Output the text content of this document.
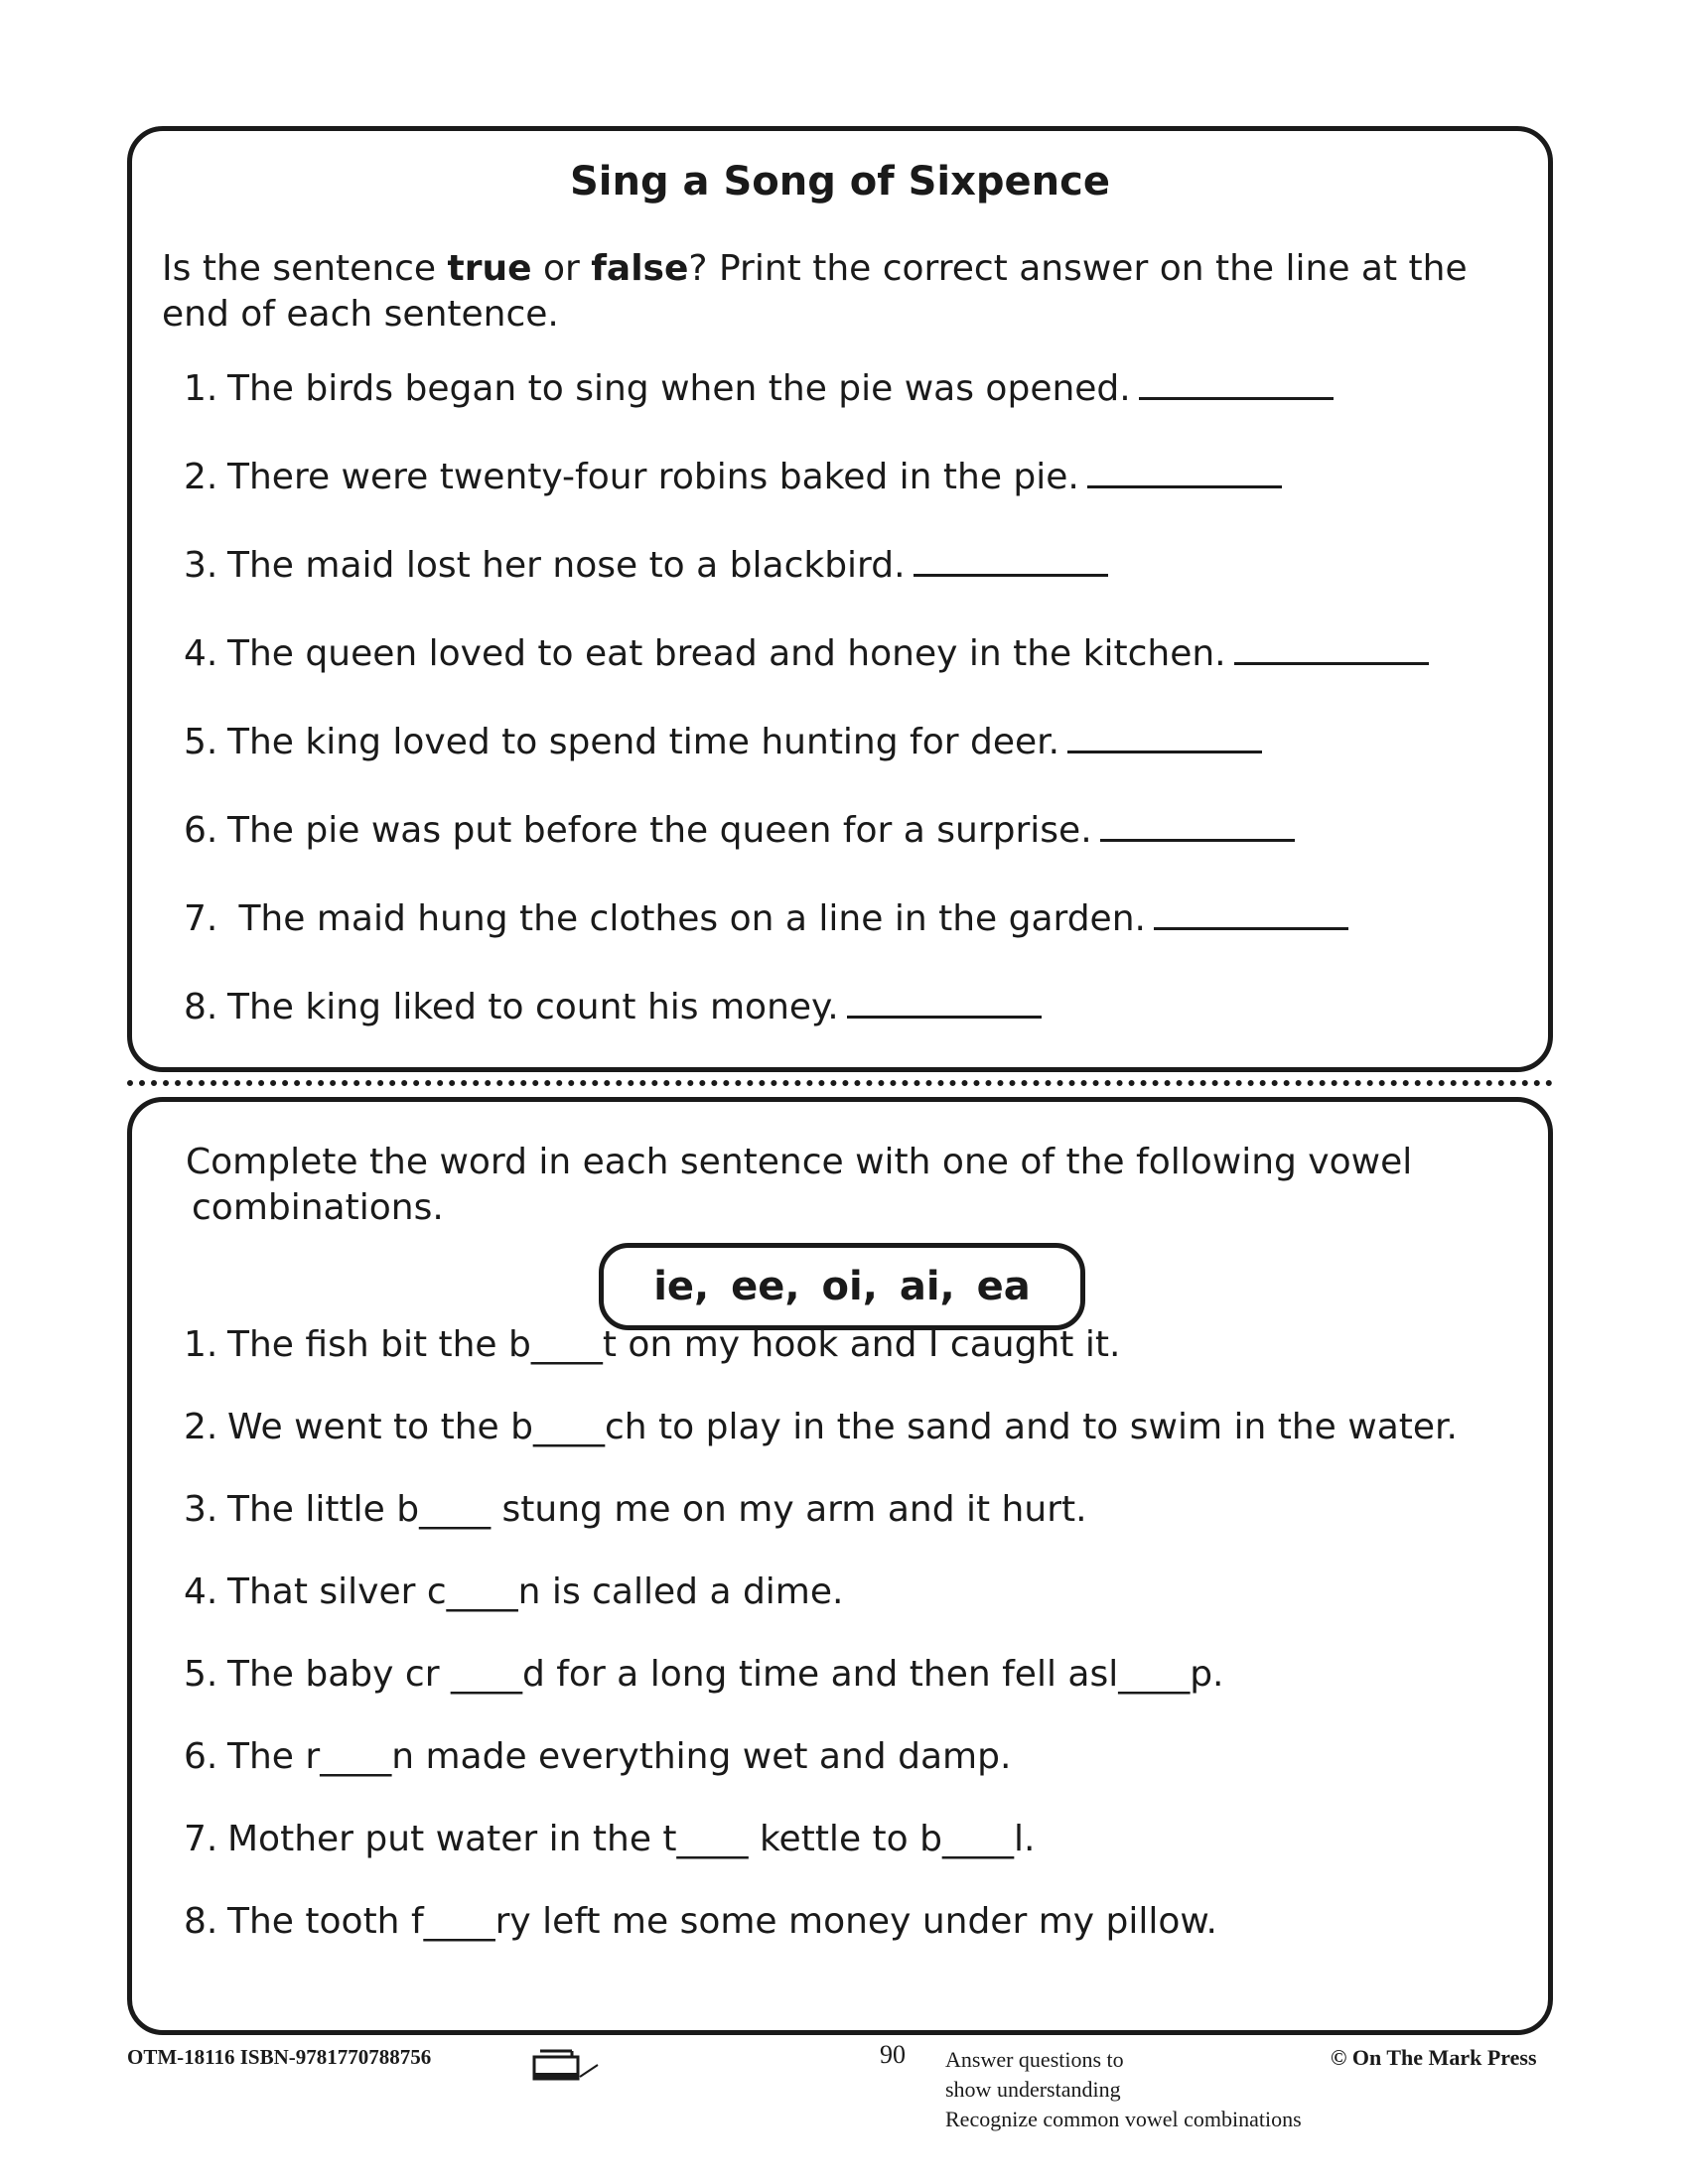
Sing a Song of Sixpence

Is the sentence true or false? Print the correct answer on the line at the end of each sentence.

1. The birds began to sing when the pie was opened.
2. There were twenty-four robins baked in the pie.
3. The maid lost her nose to a blackbird.
4. The queen loved to eat bread and honey in the kitchen.
5. The king loved to spend time hunting for deer.
6. The pie was put before the queen for a surprise.
7. The maid hung the clothes on a line in the garden.
8. The king liked to count his money.

Complete the word in each sentence with one of the following vowel
combinations.

ie, ee, oi, ai, ea
1. The fish bit the b____t on my hook and I caught it.
2. We went to the b____ch to play in the sand and to swim in the water.
3. The little b____ stung me on my arm and it hurt.
4. That silver c____n is called a dime.
5. The baby cr ____d for a long time and then fell asl____p.
6. The r____n made everything wet and damp.
7. Mother put water in the t____ kettle to b____l.
8. The tooth f____ry left me some money under my pillow.
OTM-18116 ISBN-9781770788756	90 Answer questions to
show understanding
Recognize common vowel combinations
© On The Mark Press
